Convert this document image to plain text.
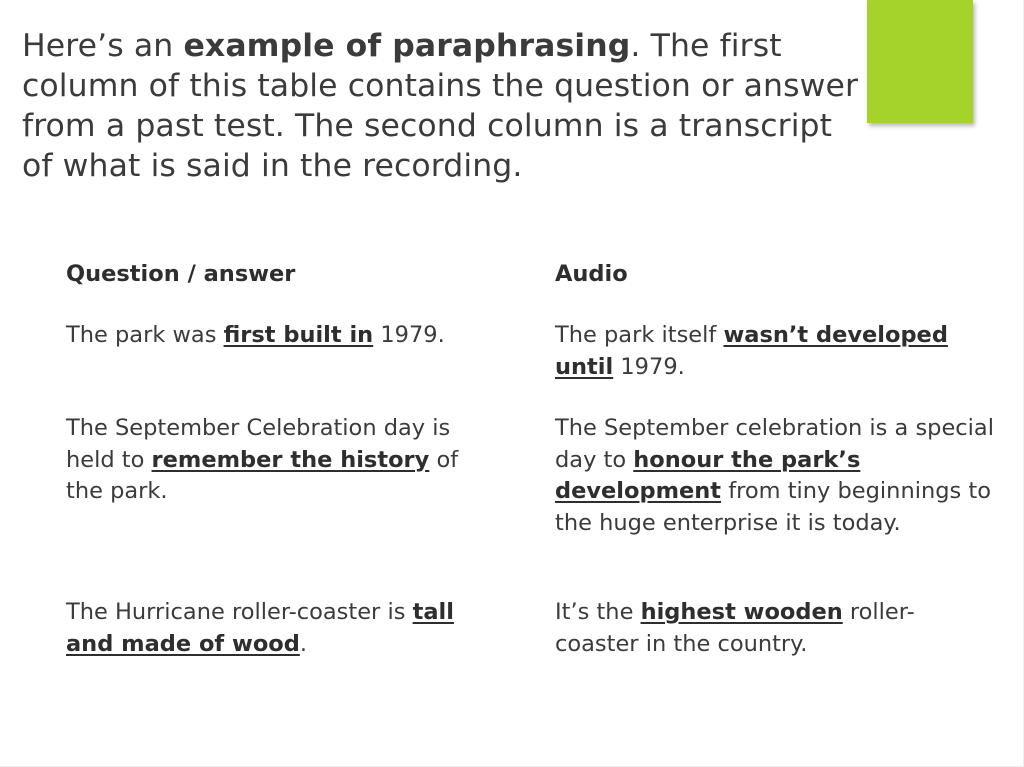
Here’s an example of paraphrasing. The first column of this table contains the question or answer from a past test. The second column is a transcript of what is said in the recording.

Question / answer	Audio

The park was first built in 1979.	The park itself wasn’t developed until 1979.

The September Celebration day is held to remember the history of the park.

The September celebration is a special day to honour the park’s development from tiny beginnings to the huge enterprise it is today.

The Hurricane roller-coaster is tall and made of wood.

It’s the highest wooden roller-coaster in the country.
